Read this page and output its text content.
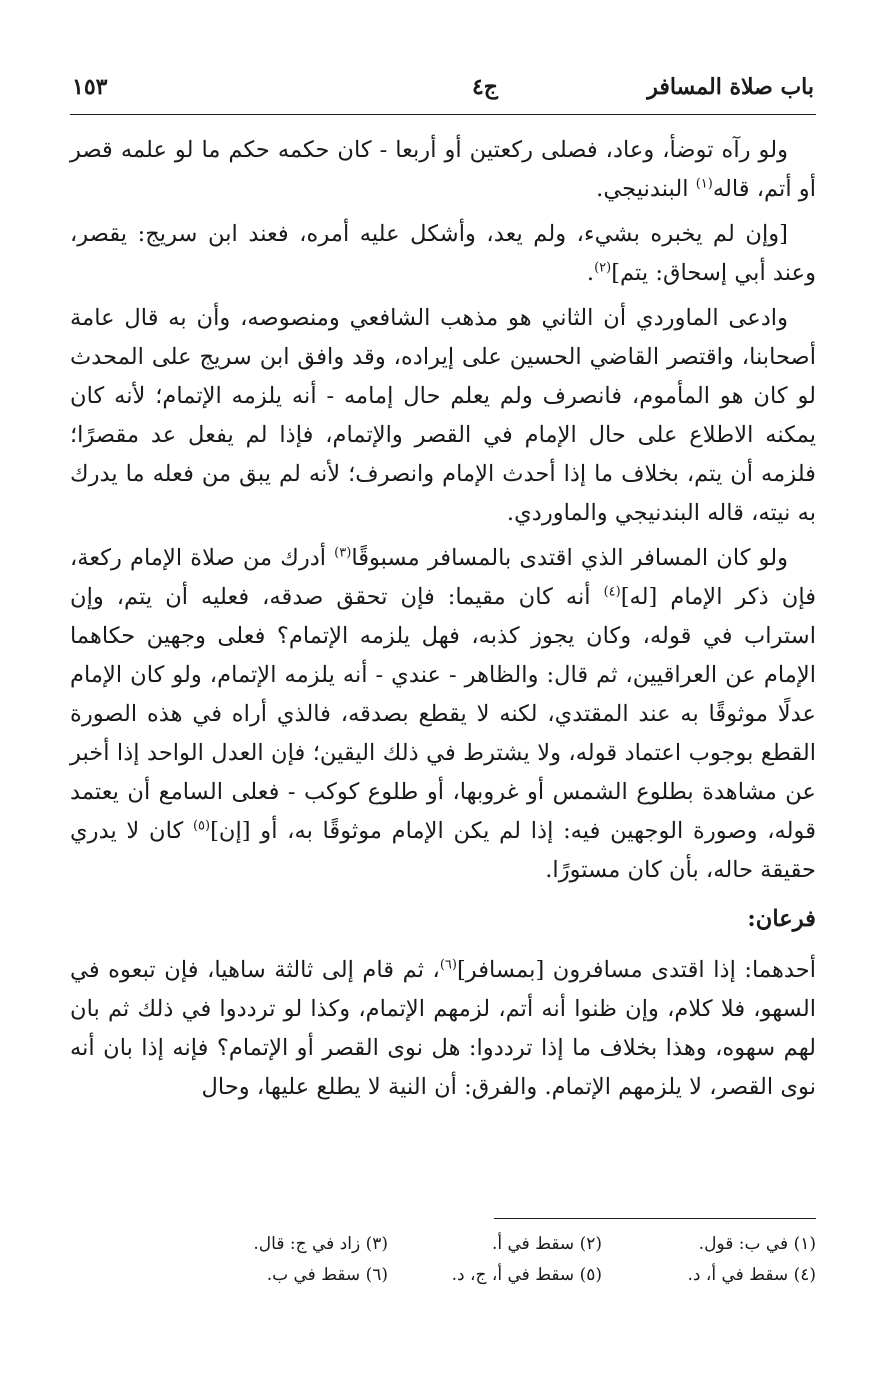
باب صلاة المسافر
ج٤
١٥٣

ولو رآه توضأ، وعاد، فصلى ركعتين أو أربعا - كان حكمه حكم ما لو علمه قصر أو أتم، قاله$^{(١)}$ البندنيجي.

[وإن لم يخبره بشيء، ولم يعد، وأشكل عليه أمره، فعند ابن سريج: يقصر، وعند أبي إسحاق: يتم]$^{(٢)}$.

وادعى الماوردي أن الثاني هو مذهب الشافعي ومنصوصه، وأن به قال عامة أصحابنا، واقتصر القاضي الحسين على إيراده، وقد وافق ابن سريج على المحدث لو كان هو المأموم، فانصرف ولم يعلم حال إمامه - أنه يلزمه الإتمام؛ لأنه كان يمكنه الاطلاع على حال الإمام في القصر والإتمام، فإذا لم يفعل عد مقصرًا؛ فلزمه أن يتم، بخلاف ما إذا أحدث الإمام وانصرف؛ لأنه لم يبق من فعله ما يدرك به نيته، قاله البندنيجي والماوردي.

ولو كان المسافر الذي اقتدى بالمسافر مسبوقًا$^{(٣)}$ أدرك من صلاة الإمام ركعة، فإن ذكر الإمام [له]$^{(٤)}$ أنه كان مقيما: فإن تحقق صدقه، فعليه أن يتم، وإن استراب في قوله، وكان يجوز كذبه، فهل يلزمه الإتمام؟ فعلى وجهين حكاهما الإمام عن العراقيين، ثم قال: والظاهر - عندي - أنه يلزمه الإتمام، ولو كان الإمام عدلًا موثوقًا به عند المقتدي، لكنه لا يقطع بصدقه، فالذي أراه في هذه الصورة القطع بوجوب اعتماد قوله، ولا يشترط في ذلك اليقين؛ فإن العدل الواحد إذا أخبر عن مشاهدة بطلوع الشمس أو غروبها، أو طلوع كوكب - فعلى السامع أن يعتمد قوله، وصورة الوجهين فيه: إذا لم يكن الإمام موثوقًا به، أو [إن]$^{(٥)}$ كان لا يدري حقيقة حاله، بأن كان مستورًا.

فرعان:

أحدهما: إذا اقتدى مسافرون [بمسافر]$^{(٦)}$، ثم قام إلى ثالثة ساهيا، فإن تبعوه في السهو، فلا كلام، وإن ظنوا أنه أتم، لزمهم الإتمام، وكذا لو ترددوا في ذلك ثم بان لهم سهوه، وهذا بخلاف ما إذا ترددوا: هل نوى القصر أو الإتمام؟ فإنه إذا بان أنه نوى القصر، لا يلزمهم الإتمام. والفرق: أن النية لا يطلع عليها، وحال

(١) في ب: قول.
(٢) سقط في أ.
(٣) زاد في ج: قال.
(٤) سقط في أ، د.
(٥) سقط في أ، ج، د.
(٦) سقط في ب.
